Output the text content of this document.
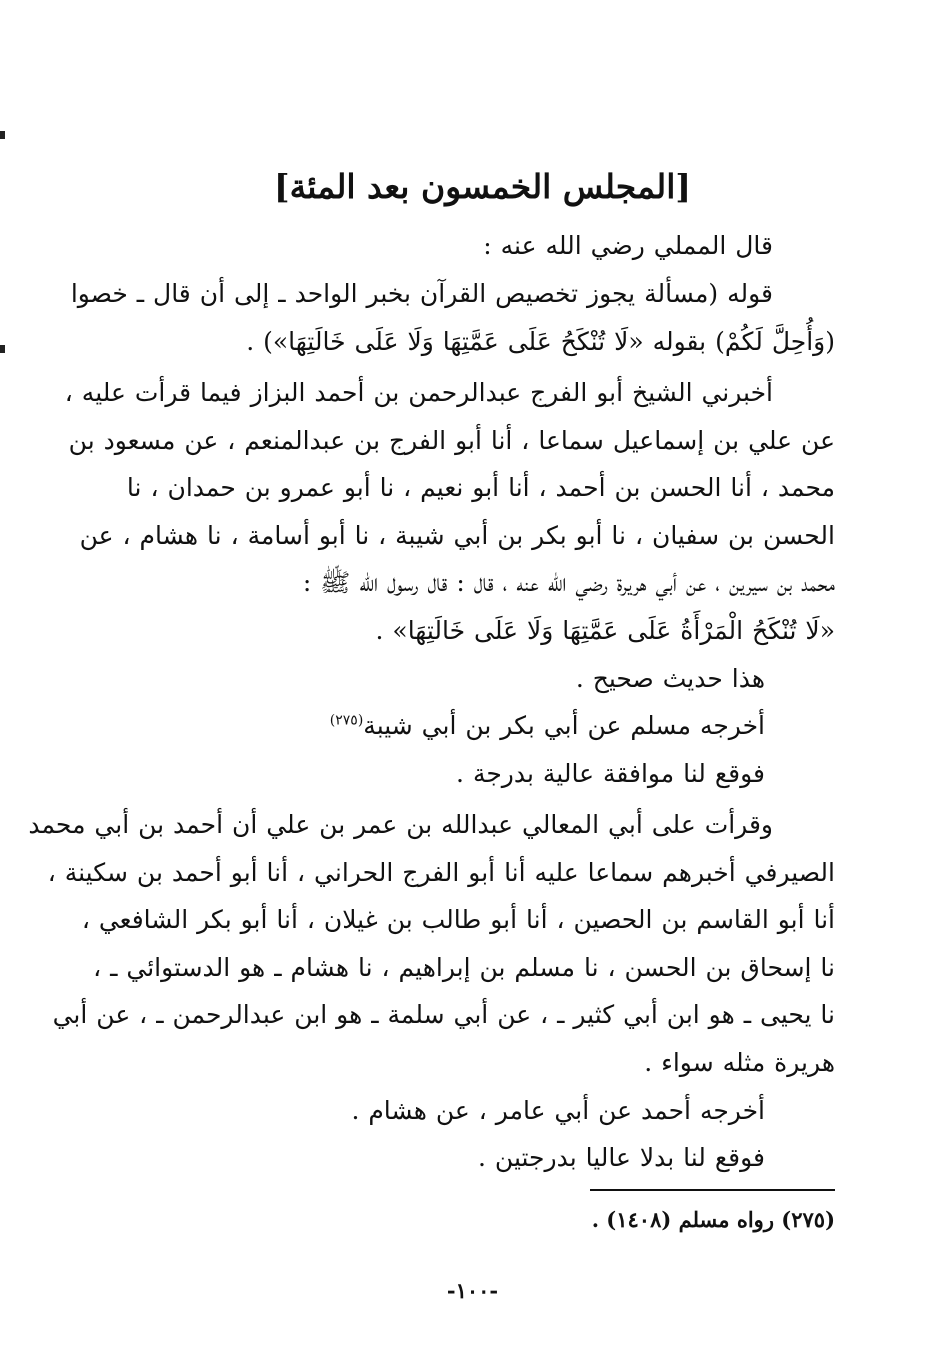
[المجلس الخمسون بعد المئة]
قال المملي رضي الله عنه :
قوله (مسألة يجوز تخصيص القرآن بخبر الواحد ـ إلى أن قال ـ خصوا
(وَأُحِلَّ لَكُمْ) بقوله «لَا تُنْكَحُ عَلَى عَمَّتِهَا وَلَا عَلَى خَالَتِهَا») .
أخبرني الشيخ أبو الفرج عبدالرحمن بن أحمد البزاز فيما قرأت عليه ،
عن علي بن إسماعيل سماعا ، أنا أبو الفرج بن عبدالمنعم ، عن مسعود بن
محمد ، أنا الحسن بن أحمد ، أنا أبو نعيم ، نا أبو عمرو بن حمدان ، نا
الحسن بن سفيان ، نا أبو بكر بن أبي شيبة ، نا أبو أسامة ، نا هشام ، عن
محمد بن سيرين ، عن أبي هريرة رضي الله عنه ، قال : قال رسول الله ﷺ :
«لَا تُنْكَحُ الْمَرْأَةُ عَلَى عَمَّتِهَا وَلَا عَلَى خَالَتِهَا» .
هذا حديث صحيح .
أخرجه مسلم عن أبي بكر بن أبي شيبة$^{(٢٧٥)}$
فوقع لنا موافقة عالية بدرجة .
وقرأت على أبي المعالي عبدالله بن عمر بن علي أن أحمد بن أبي محمد
الصيرفي أخبرهم سماعا عليه أنا أبو الفرج الحراني ، أنا أبو أحمد بن سكينة ،
أنا أبو القاسم بن الحصين ، أنا أبو طالب بن غيلان ، أنا أبو بكر الشافعي ،
نا إسحاق بن الحسن ، نا مسلم بن إبراهيم ، نا هشام ـ هو الدستوائي ـ ،
نا يحيى ـ هو ابن أبي كثير ـ ، عن أبي سلمة ـ هو ابن عبدالرحمن ـ ، عن أبي
هريرة مثله سواء .
أخرجه أحمد عن أبي عامر ، عن هشام .
فوقع لنا بدلا عاليا بدرجتين .
(٢٧٥) رواه مسلم (١٤٠٨) .
-١٠٠-
